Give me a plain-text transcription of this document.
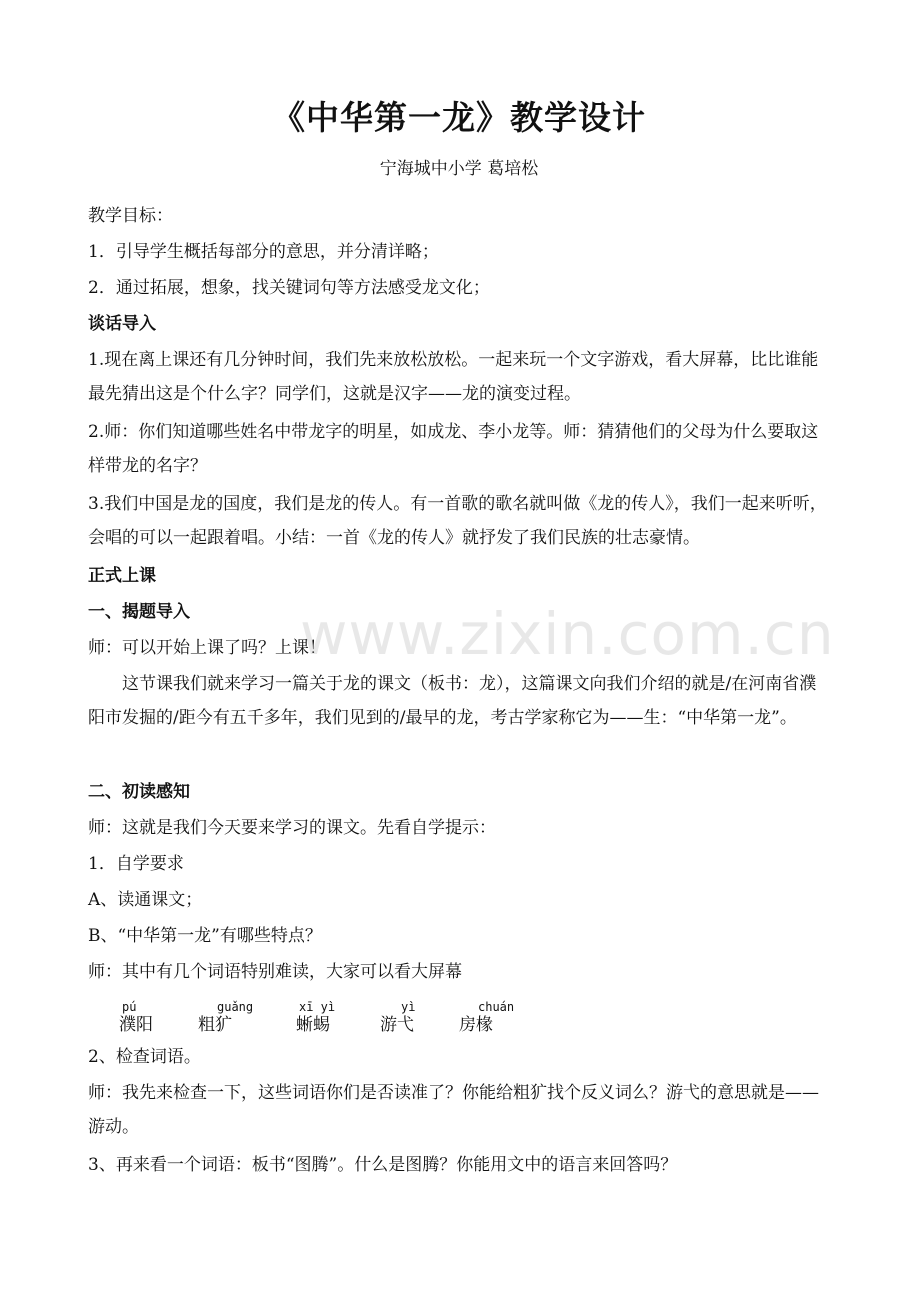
《中华第一龙》教学设计
宁海城中小学 葛培松
教学目标：
1．引导学生概括每部分的意思，并分清详略；
2．通过拓展，想象，找关键词句等方法感受龙文化；
谈话导入
1.现在离上课还有几分钟时间，我们先来放松放松。一起来玩一个文字游戏，看大屏幕，比比谁能最先猜出这是个什么字？同学们，这就是汉字——龙的演变过程。
2.师：你们知道哪些姓名中带龙字的明星，如成龙、李小龙等。师：猜猜他们的父母为什么要取这样带龙的名字？
3.我们中国是龙的国度，我们是龙的传人。有一首歌的歌名就叫做《龙的传人》，我们一起来听听，会唱的可以一起跟着唱。小结：一首《龙的传人》就抒发了我们民族的壮志豪情。
正式上课
一、揭题导入
师：可以开始上课了吗？上课！
这节课我们就来学习一篇关于龙的课文（板书：龙），这篇课文向我们介绍的就是/在河南省濮阳市发掘的/距今有五千多年，我们见到的/最早的龙，考古学家称它为——生：“中华第一龙”。
二、初读感知
师：这就是我们今天要来学习的课文。先看自学提示：
1．自学要求
A、读通课文；
B、“中华第一龙”有哪些特点？
师：其中有几个词语特别难读，大家可以看大屏幕
pú
濮阳
guǎng
粗犷
xī yì
蜥蜴
yì
游弋
chuán
房椽
2、检查词语。
师：我先来检查一下，这些词语你们是否读准了？你能给粗犷找个反义词么？游弋的意思就是——游动。
3、再来看一个词语：板书“图腾”。什么是图腾？你能用文中的语言来回答吗？
www.zixin.com.cn
